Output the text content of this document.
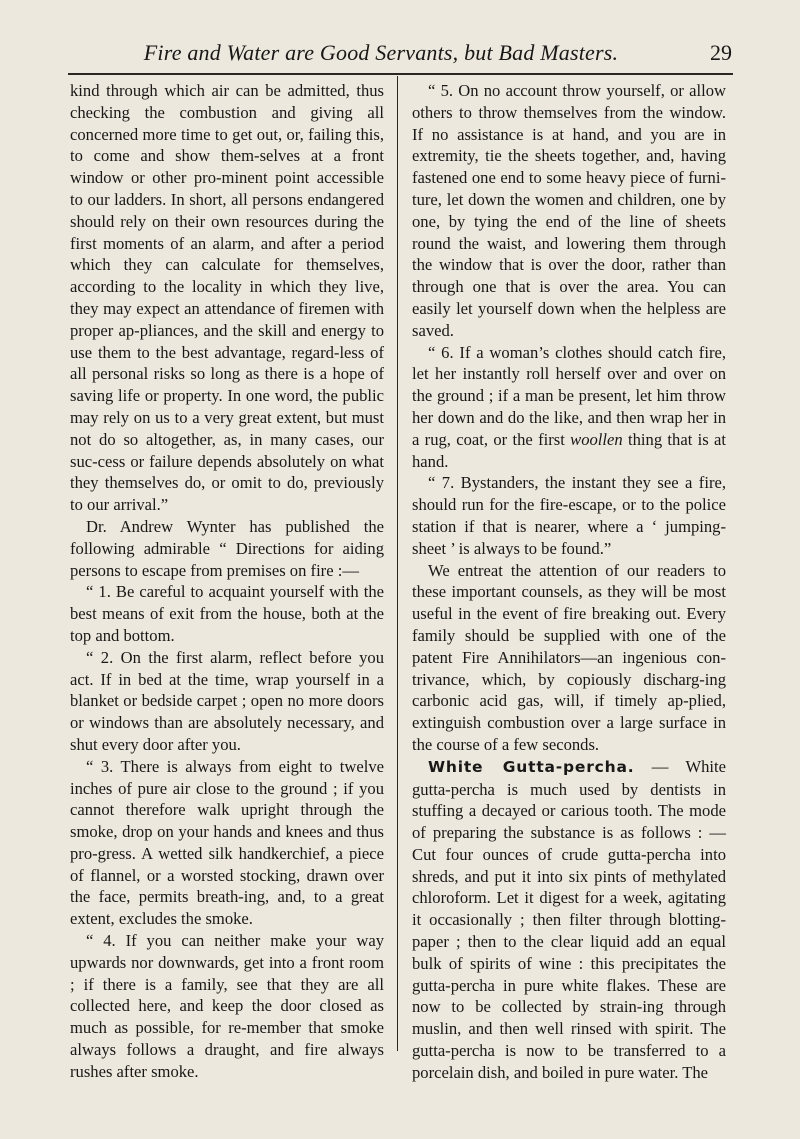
Fire and Water are Good Servants, but Bad Masters.	29

kind through which air can be admitted, thus checking the combustion and giving all concerned more time to get out, or, failing this, to come and show them-selves at a front window or other pro-minent point accessible to our ladders. In short, all persons endangered should rely on their own resources during the first moments of an alarm, and after a period which they can calculate for themselves, according to the locality in which they live, they may expect an attendance of firemen with proper ap-pliances, and the skill and energy to use them to the best advantage, regard-less of all personal risks so long as there is a hope of saving life or property. In one word, the public may rely on us to a very great extent, but must not do so altogether, as, in many cases, our suc-cess or failure depends absolutely on what they themselves do, or omit to do, previously to our arrival.”

Dr. Andrew Wynter has published the following admirable “ Directions for aiding persons to escape from premises on fire :—

“ 1. Be careful to acquaint yourself with the best means of exit from the house, both at the top and bottom.

“ 2. On the first alarm, reflect before you act. If in bed at the time, wrap yourself in a blanket or bedside carpet ; open no more doors or windows than are absolutely necessary, and shut every door after you.

“ 3. There is always from eight to twelve inches of pure air close to the ground ; if you cannot therefore walk upright through the smoke, drop on your hands and knees and thus pro-gress. A wetted silk handkerchief, a piece of flannel, or a worsted stocking, drawn over the face, permits breath-ing, and, to a great extent, excludes the smoke.

“ 4. If you can neither make your way upwards nor downwards, get into a front room ; if there is a family, see that they are all collected here, and keep the door closed as much as possible, for re-member that smoke always follows a draught, and fire always rushes after smoke.

“ 5. On no account throw yourself, or allow others to throw themselves from the window. If no assistance is at hand, and you are in extremity, tie the sheets together, and, having fastened one end to some heavy piece of furni-ture, let down the women and children, one by one, by tying the end of the line of sheets round the waist, and lowering them through the window that is over the door, rather than through one that is over the area. You can easily let yourself down when the helpless are saved.

“ 6. If a woman’s clothes should catch fire, let her instantly roll herself over and over on the ground ; if a man be present, let him throw her down and do the like, and then wrap her in a rug, coat, or the first woollen thing that is at hand.

“ 7. Bystanders, the instant they see a fire, should run for the fire-escape, or to the police station if that is nearer, where a ‘ jumping-sheet ’ is always to be found.”

We entreat the attention of our readers to these important counsels, as they will be most useful in the event of fire breaking out. Every family should be supplied with one of the patent Fire Annihilators—an ingenious con-trivance, which, by copiously discharg-ing carbonic acid gas, will, if timely ap-plied, extinguish combustion over a large surface in the course of a few seconds.

White Gutta-percha. — White gutta-percha is much used by dentists in stuffing a decayed or carious tooth. The mode of preparing the substance is as follows : — Cut four ounces of crude gutta-percha into shreds, and put it into six pints of methylated chloroform. Let it digest for a week, agitating it occasionally ; then filter through blotting-paper ; then to the clear liquid add an equal bulk of spirits of wine : this precipitates the gutta-percha in pure white flakes. These are now to be collected by strain-ing through muslin, and then well rinsed with spirit. The gutta-percha is now to be transferred to a porcelain dish, and boiled in pure water. The
